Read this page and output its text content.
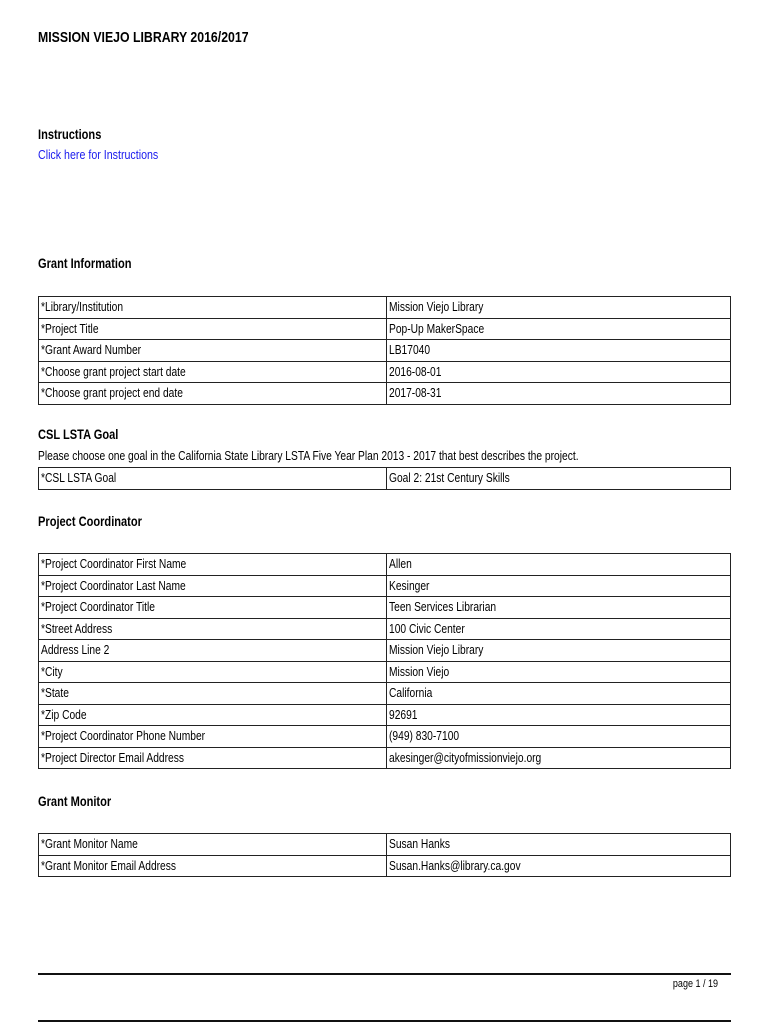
MISSION VIEJO LIBRARY 2016/2017
Instructions
Click here for Instructions
Grant Information
*Library/Institution	Mission Viejo Library
*Project Title	Pop-Up MakerSpace
*Grant Award Number	LB17040
*Choose grant project start date	2016-08-01
*Choose grant project end date	2017-08-31
CSL LSTA Goal
Please choose one goal in the California State Library LSTA Five Year Plan 2013 - 2017 that best describes the project.
*CSL LSTA Goal	Goal 2: 21st Century Skills
Project Coordinator
*Project Coordinator First Name	Allen
*Project Coordinator Last Name	Kesinger
*Project Coordinator Title	Teen Services Librarian
*Street Address	100 Civic Center
Address Line 2	Mission Viejo Library
*City	Mission Viejo
*State	California
*Zip Code	92691
*Project Coordinator Phone Number	(949) 830-7100
*Project Director Email Address	akesinger@cityofmissionviejo.org
Grant Monitor
*Grant Monitor Name	Susan Hanks
*Grant Monitor Email Address	Susan.Hanks@library.ca.gov
page 1 / 19
